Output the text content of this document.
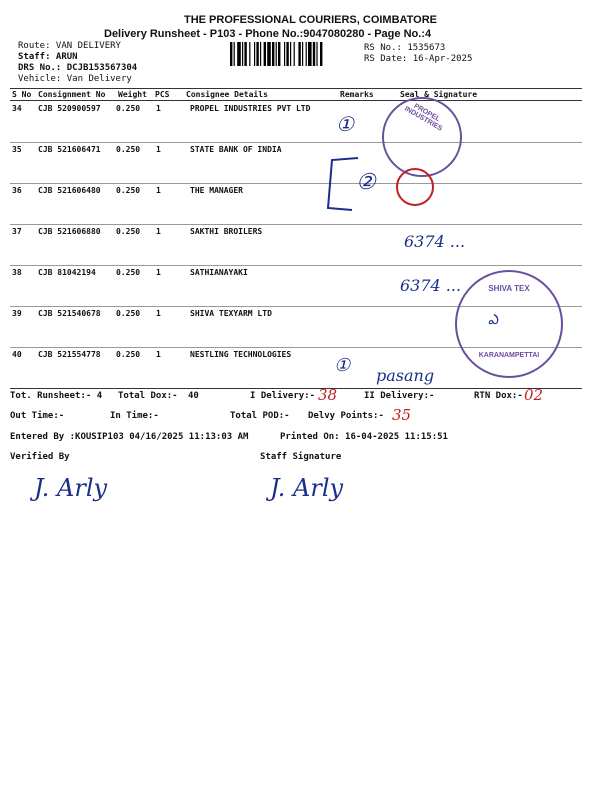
THE PROFESSIONAL COURIERS, COIMBATORE
Delivery Runsheet - P103 - Phone No.:9047080280 - Page No.:4
Route: VAN DELIVERY
Staff: ARUN
DRS No.: DCJB153567304
Vehicle: Van Delivery
RS No.: 1535673
RS Date: 16-Apr-2025
S No Consignment No Weight PCS Consignee Details	Remarks	Seal & Signature
34 CJB 520900597 0.250 1	PROPEL INDUSTRIES PVT LTD
35 CJB 521606471 0.250 1	STATE BANK OF INDIA
36 CJB 521606480 0.250 1	THE MANAGER
37 CJB 521606880 0.250 1	SAKTHI BROILERS
38 CJB 81042194	0.250 1	SATHIANAYAKI
39 CJB 521540678 0.250 1	SHIVA TEXYARM LTD
40 CJB 521554778 0.250 1	NESTLING TECHNOLOGIES
PROPEL INDUSTRIES
SHIVA TEX
KARANAMPETTAI
①
②
6374 ...
6374 ...
ఎ
① pasang
Tot. Runsheet:- 4 Total Dox:- 40	I Delivery:- 38	II Delivery:-	RTN Dox:- 02
Out Time:-	In Time:-	Total POD:- Delvy Points:- 35
Entered By :KOUSIP103 04/16/2025 11:13:03 AM	Printed On: 16-04-2025 11:15:51
Verified By	Staff Signature
J. Arly	J. Arly
